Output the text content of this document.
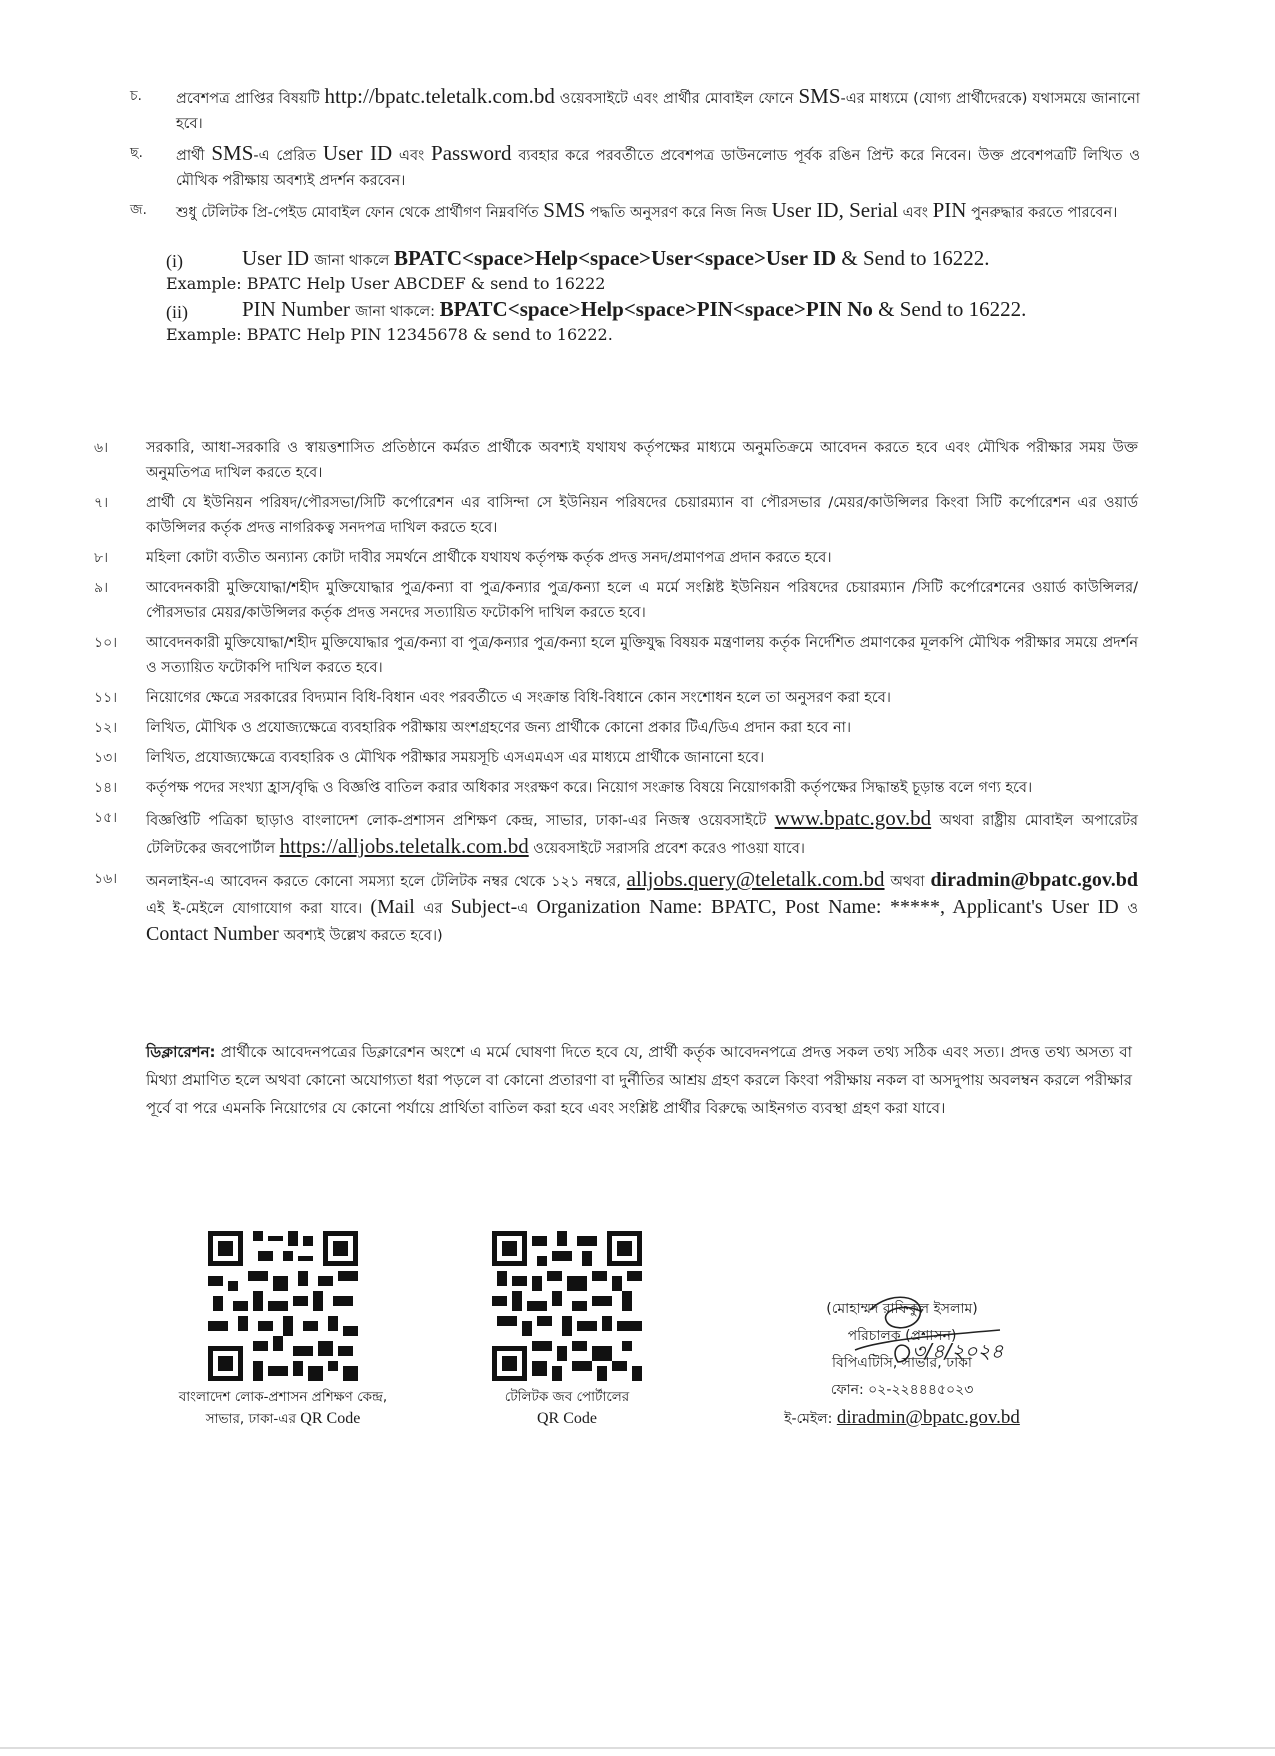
চ.	প্রবেশপত্র প্রাপ্তির বিষয়টি http://bpatc.teletalk.com.bd ওয়েবসাইটে এবং প্রার্থীর মোবাইল ফোনে SMS-এর মাধ্যমে (যোগ্য প্রার্থীদেরকে) যথাসময়ে জানানো হবে।
ছ.	প্রার্থী SMS-এ প্রেরিত User ID এবং Password ব্যবহার করে পরবর্তীতে প্রবেশপত্র ডাউনলোড পূর্বক রঙিন প্রিন্ট করে নিবেন। উক্ত প্রবেশপত্রটি লিখিত ও মৌখিক পরীক্ষায় অবশ্যই প্রদর্শন করবেন।
জ.	শুধু টেলিটক প্রি-পেইড মোবাইল ফোন থেকে প্রার্থীগণ নিম্নবর্ণিত SMS পদ্ধতি অনুসরণ করে নিজ নিজ User ID, Serial এবং PIN পুনরুদ্ধার করতে পারবেন।
(i)	User ID জানা থাকলে BPATC<space>Help<space>User<space>User ID & Send to 16222.
Example: BPATC Help User ABCDEF & send to 16222
(ii)	PIN Number জানা থাকলে: BPATC<space>Help<space>PIN<space>PIN No & Send to 16222.
Example: BPATC Help PIN 12345678 & send to 16222.
৬।	সরকারি, আধা-সরকারি ও স্বায়ত্তশাসিত প্রতিষ্ঠানে কর্মরত প্রার্থীকে অবশ্যই যথাযথ কর্তৃপক্ষের মাধ্যমে অনুমতিক্রমে আবেদন করতে হবে এবং মৌখিক পরীক্ষার সময় উক্ত অনুমতিপত্র দাখিল করতে হবে।
৭।	প্রার্থী যে ইউনিয়ন পরিষদ/পৌরসভা/সিটি কর্পোরেশন এর বাসিন্দা সে ইউনিয়ন পরিষদের চেয়ারম্যান বা পৌরসভার /মেয়র/কাউন্সিলর কিংবা সিটি কর্পোরেশন এর ওয়ার্ড কাউন্সিলর কর্তৃক প্রদত্ত নাগরিকত্ব সনদপত্র দাখিল করতে হবে।
৮।	মহিলা কোটা ব্যতীত অন্যান্য কোটা দাবীর সমর্থনে প্রার্থীকে যথাযথ কর্তৃপক্ষ কর্তৃক প্রদত্ত সনদ/প্রমাণপত্র প্রদান করতে হবে।
৯।	আবেদনকারী মুক্তিযোদ্ধা/শহীদ মুক্তিযোদ্ধার পুত্র/কন্যা বা পুত্র/কন্যার পুত্র/কন্যা হলে এ মর্মে সংশ্লিষ্ট ইউনিয়ন পরিষদের চেয়ারম্যান /সিটি কর্পোরেশনের ওয়ার্ড কাউন্সিলর/পৌরসভার মেয়র/কাউন্সিলর কর্তৃক প্রদত্ত সনদের সত্যায়িত ফটোকপি দাখিল করতে হবে।
১০।	আবেদনকারী মুক্তিযোদ্ধা/শহীদ মুক্তিযোদ্ধার পুত্র/কন্যা বা পুত্র/কন্যার পুত্র/কন্যা হলে মুক্তিযুদ্ধ বিষয়ক মন্ত্রণালয় কর্তৃক নির্দেশিত প্রমাণকের মূলকপি মৌখিক পরীক্ষার সময়ে প্রদর্শন ও সত্যায়িত ফটোকপি দাখিল করতে হবে।
১১।	নিয়োগের ক্ষেত্রে সরকারের বিদ্যমান বিধি-বিধান এবং পরবর্তীতে এ সংক্রান্ত বিধি-বিধানে কোন সংশোধন হলে তা অনুসরণ করা হবে।
১২।	লিখিত, মৌখিক ও প্রযোজ্যক্ষেত্রে ব্যবহারিক পরীক্ষায় অংশগ্রহণের জন্য প্রার্থীকে কোনো প্রকার টিএ/ডিএ প্রদান করা হবে না।
১৩।	লিখিত, প্রযোজ্যক্ষেত্রে ব্যবহারিক ও মৌখিক পরীক্ষার সময়সূচি এসএমএস এর মাধ্যমে প্রার্থীকে জানানো হবে।
১৪।	কর্তৃপক্ষ পদের সংখ্যা হ্রাস/বৃদ্ধি ও বিজ্ঞপ্তি বাতিল করার অধিকার সংরক্ষণ করে। নিয়োগ সংক্রান্ত বিষয়ে নিয়োগকারী কর্তৃপক্ষের সিদ্ধান্তই চূড়ান্ত বলে গণ্য হবে।
১৫।	বিজ্ঞপ্তিটি পত্রিকা ছাড়াও বাংলাদেশ লোক-প্রশাসন প্রশিক্ষণ কেন্দ্র, সাভার, ঢাকা-এর নিজস্ব ওয়েবসাইটে www.bpatc.gov.bd অথবা রাষ্ট্রীয় মোবাইল অপারেটর টেলিটকের জবপোর্টাল https://alljobs.teletalk.com.bd ওয়েবসাইটে সরাসরি প্রবেশ করেও পাওয়া যাবে।
১৬।	অনলাইন-এ আবেদন করতে কোনো সমস্যা হলে টেলিটক নম্বর থেকে ১২১ নম্বরে, alljobs.query@teletalk.com.bd অথবা diradmin@bpatc.gov.bd এই ই-মেইলে যোগাযোগ করা যাবে। (Mail এর Subject-এ Organization Name: BPATC, Post Name: *****, Applicant's User ID ও Contact Number অবশ্যই উল্লেখ করতে হবে।)
ডিক্লারেশন: প্রার্থীকে আবেদনপত্রের ডিক্লারেশন অংশে এ মর্মে ঘোষণা দিতে হবে যে, প্রার্থী কর্তৃক আবেদনপত্রে প্রদত্ত সকল তথ্য সঠিক এবং সত্য। প্রদত্ত তথ্য অসত্য বা মিথ্যা প্রমাণিত হলে অথবা কোনো অযোগ্যতা ধরা পড়লে বা কোনো প্রতারণা বা দুর্নীতির আশ্রয় গ্রহণ করলে কিংবা পরীক্ষায় নকল বা অসদুপায় অবলম্বন করলে পরীক্ষার পূর্বে বা পরে এমনকি নিয়োগের যে কোনো পর্যায়ে প্রার্থিতা বাতিল করা হবে এবং সংশ্লিষ্ট প্রার্থীর বিরুদ্ধে আইনগত ব্যবস্থা গ্রহণ করা যাবে।
বাংলাদেশ লোক-প্রশাসন প্রশিক্ষণ কেন্দ্র,
সাভার, ঢাকা-এর QR Code
টেলিটক জব পোর্টালের
QR Code
৩/৪/২০২৪
(মোহাম্মদ রাফিকুল ইসলাম)
পরিচালক (প্রশাসন)
বিপিএটিসি, সাভার, ঢাকা
ফোন: ০২-২২৪৪৪৫০২৩
ই-মেইল: diradmin@bpatc.gov.bd
